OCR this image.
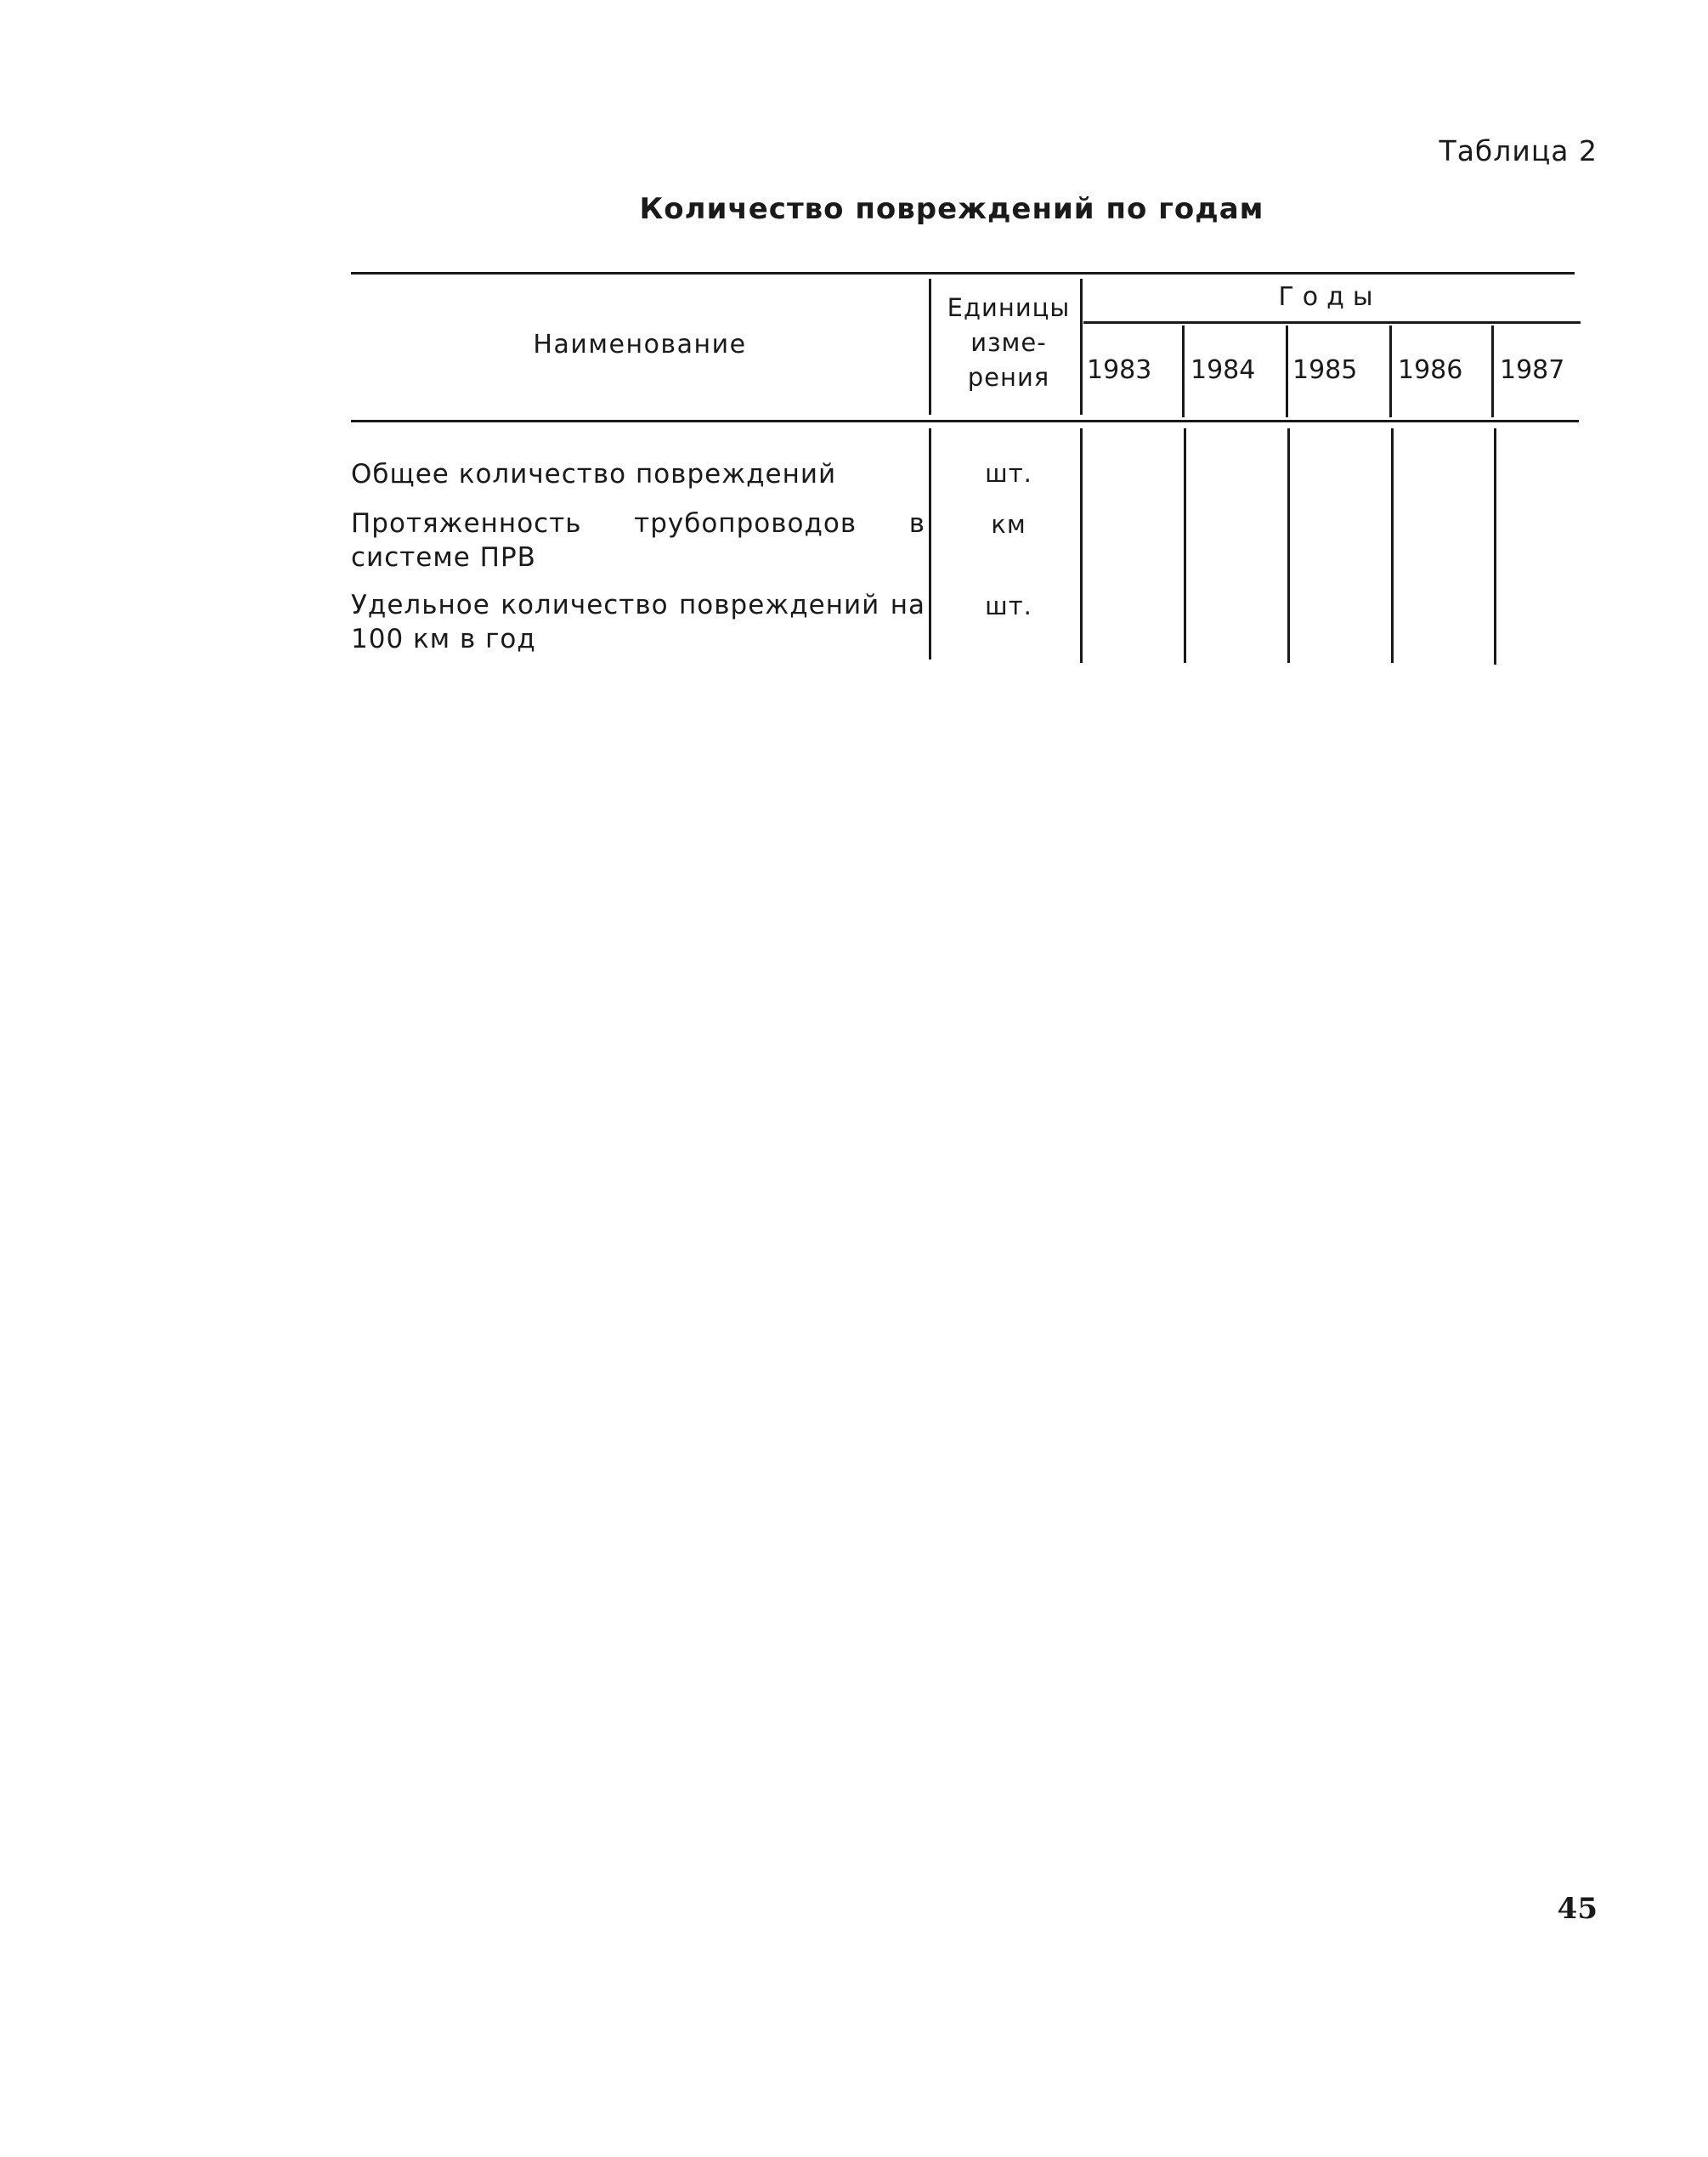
Таблица 2
Количество повреждений по годам
Наименование
Единицы
изме-
рения
Годы
1983 1984 1985 1986 1987
Общее количество повреждений	шт.
Протяженность трубопроводов в системе ПРВ
км
Удельное количество повреждений на 100 км в год
шт.
45
